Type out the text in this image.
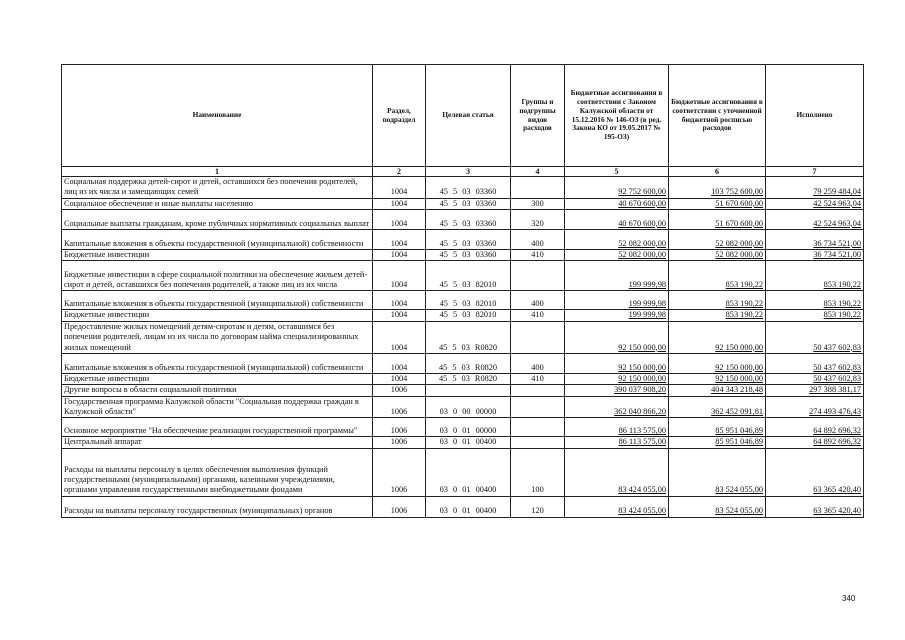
Наименование	Раздел, подраздел	Целевая статья	Группы и подгруппы видов расходов	Бюджетные ассигнования в соответствии с Законом Калужской области от 15.12.2016 № 146-ОЗ (в ред. Закона КО от 19.05.2017 № 195-ОЗ)	Бюджетные ассигнования в соответствии с уточненной бюджетной росписью расходов	Исполнено
1	2	3	4	5	6	7
Социальная поддержка детей-сирот и детей, оставшихся без попечения родителей, лиц из их числа и замещающих семей	1004	45 5 03 03360		92 752 600,00	103 752 600,00	79 259 484,04
Социальное обеспечение и иные выплаты населению	1004	45 5 03 03360	300	40 670 600,00	51 670 600,00	42 524 963,04
Социальные выплаты гражданам, кроме публичных нормативных социальных выплат	1004	45 5 03 03360	320	40 670 600,00	51 670 600,00	42 524 963,04
Капитальные вложения в объекты государственной (муниципальной) собственности	1004	45 5 03 03360	400	52 082 000,00	52 082 000,00	36 734 521,00
Бюджетные инвестиции	1004	45 5 03 03360	410	52 082 000,00	52 082 000,00	36 734 521,00
Бюджетные инвестиции в сфере социальной политики на обеспечение жильем детей-сирот и детей, оставшихся без попечения родителей, а также лиц из их числа	1004	45 5 03 82010		199 999,98	853 190,22	853 190,22
Капитальные вложения в объекты государственной (муниципальной) собственности	1004	45 5 03 82010	400	199 999,98	853 190,22	853 190,22
Бюджетные инвестиции	1004	45 5 03 82010	410	199 999,98	853 190,22	853 190,22
Предоставление жилых помещений детям-сиротам и детям, оставшимся без попечения родителей, лицам из их числа по договорам найма специализированных жилых помещений	1004	45 5 03 R0820		92 150 000,00	92 150 000,00	50 437 602,83
Капитальные вложения в объекты государственной (муниципальной) собственности	1004	45 5 03 R0820	400	92 150 000,00	92 150 000,00	50 437 602,83
Бюджетные инвестиции	1004	45 5 03 R0820	410	92 150 000,00	92 150 000,00	50 437 602,83
Другие вопросы в области социальной политики	1006			390 037 908,20	404 343 218,48	297 388 381,17
Государственная программа Калужской области "Социальная поддержка граждан в Калужской области"	1006	03 0 00 00000		362 040 866,20	362 452 091,81	274 493 476,43
Основное мероприятие "На обеспечение реализации государственной программы"	1006	03 0 01 00000		86 113 575,00	85 951 046,89	64 892 696,32
Центральный аппарат	1006	03 0 01 00400		86 113 575,00	85 951 046,89	64 892 696,32
Расходы на выплаты персоналу в целях обеспечения выполнения функций государственными (муниципальными) органами, казенными учреждениями, органами управления государственными внебюджетными фондами	1006	03 0 01 00400	100	83 424 055,00	83 524 055,00	63 365 420,40
Расходы на выплаты персоналу государственных (муниципальных) органов	1006	03 0 01 00400	120	83 424 055,00	83 524 055,00	63 365 420,40
340
